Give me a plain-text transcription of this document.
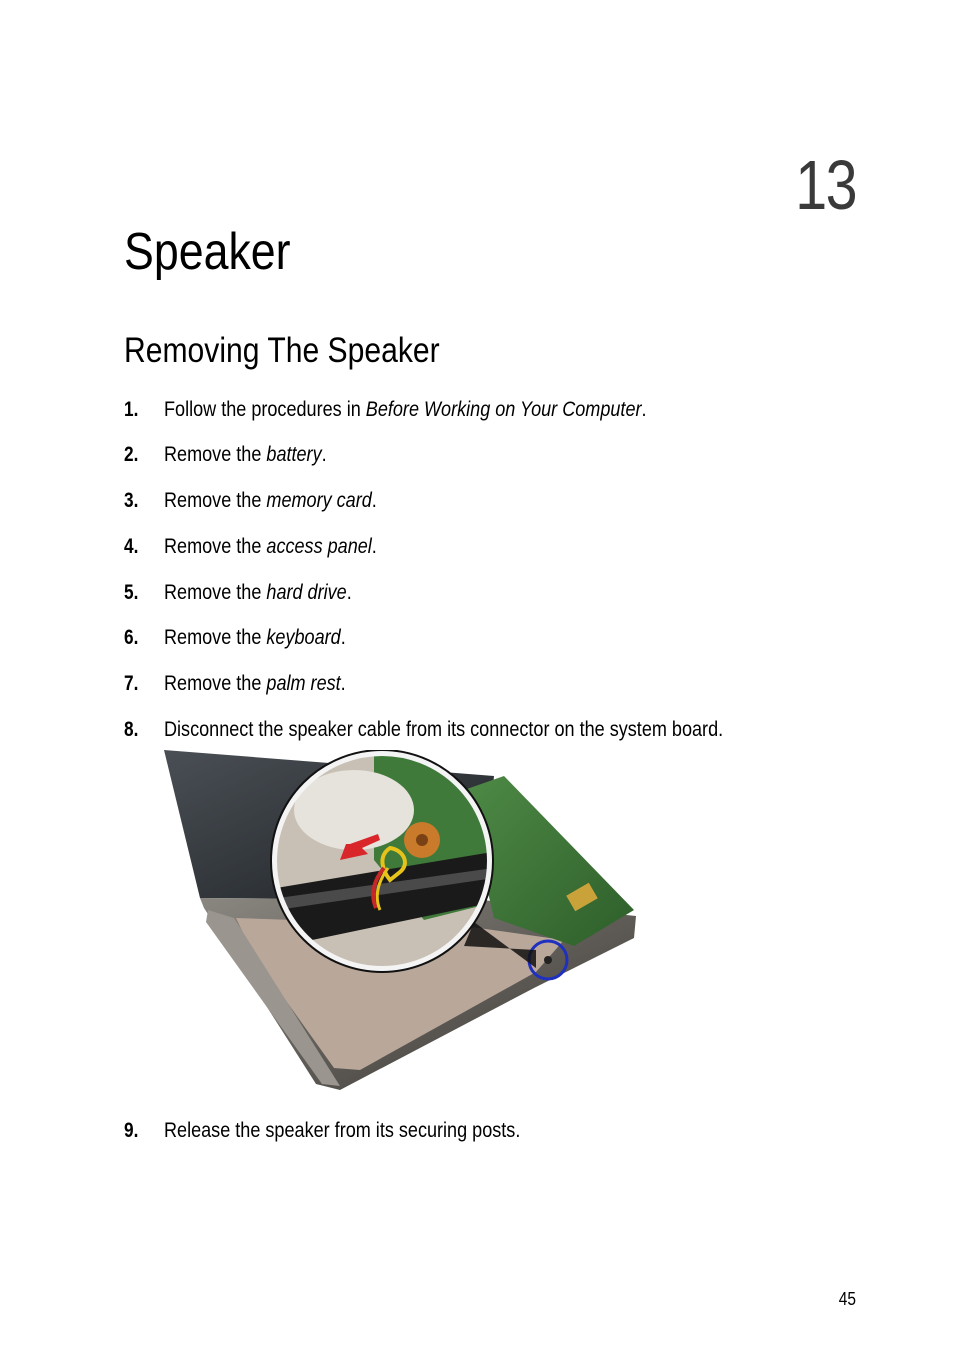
13
Speaker
Removing The Speaker
1. Follow the procedures in Before Working on Your Computer.
2. Remove the battery.
3. Remove the memory card.
4. Remove the access panel.
5. Remove the hard drive.
6. Remove the keyboard.
7. Remove the palm rest.
8. Disconnect the speaker cable from its connector on the system board.
9. Release the speaker from its securing posts.
45
